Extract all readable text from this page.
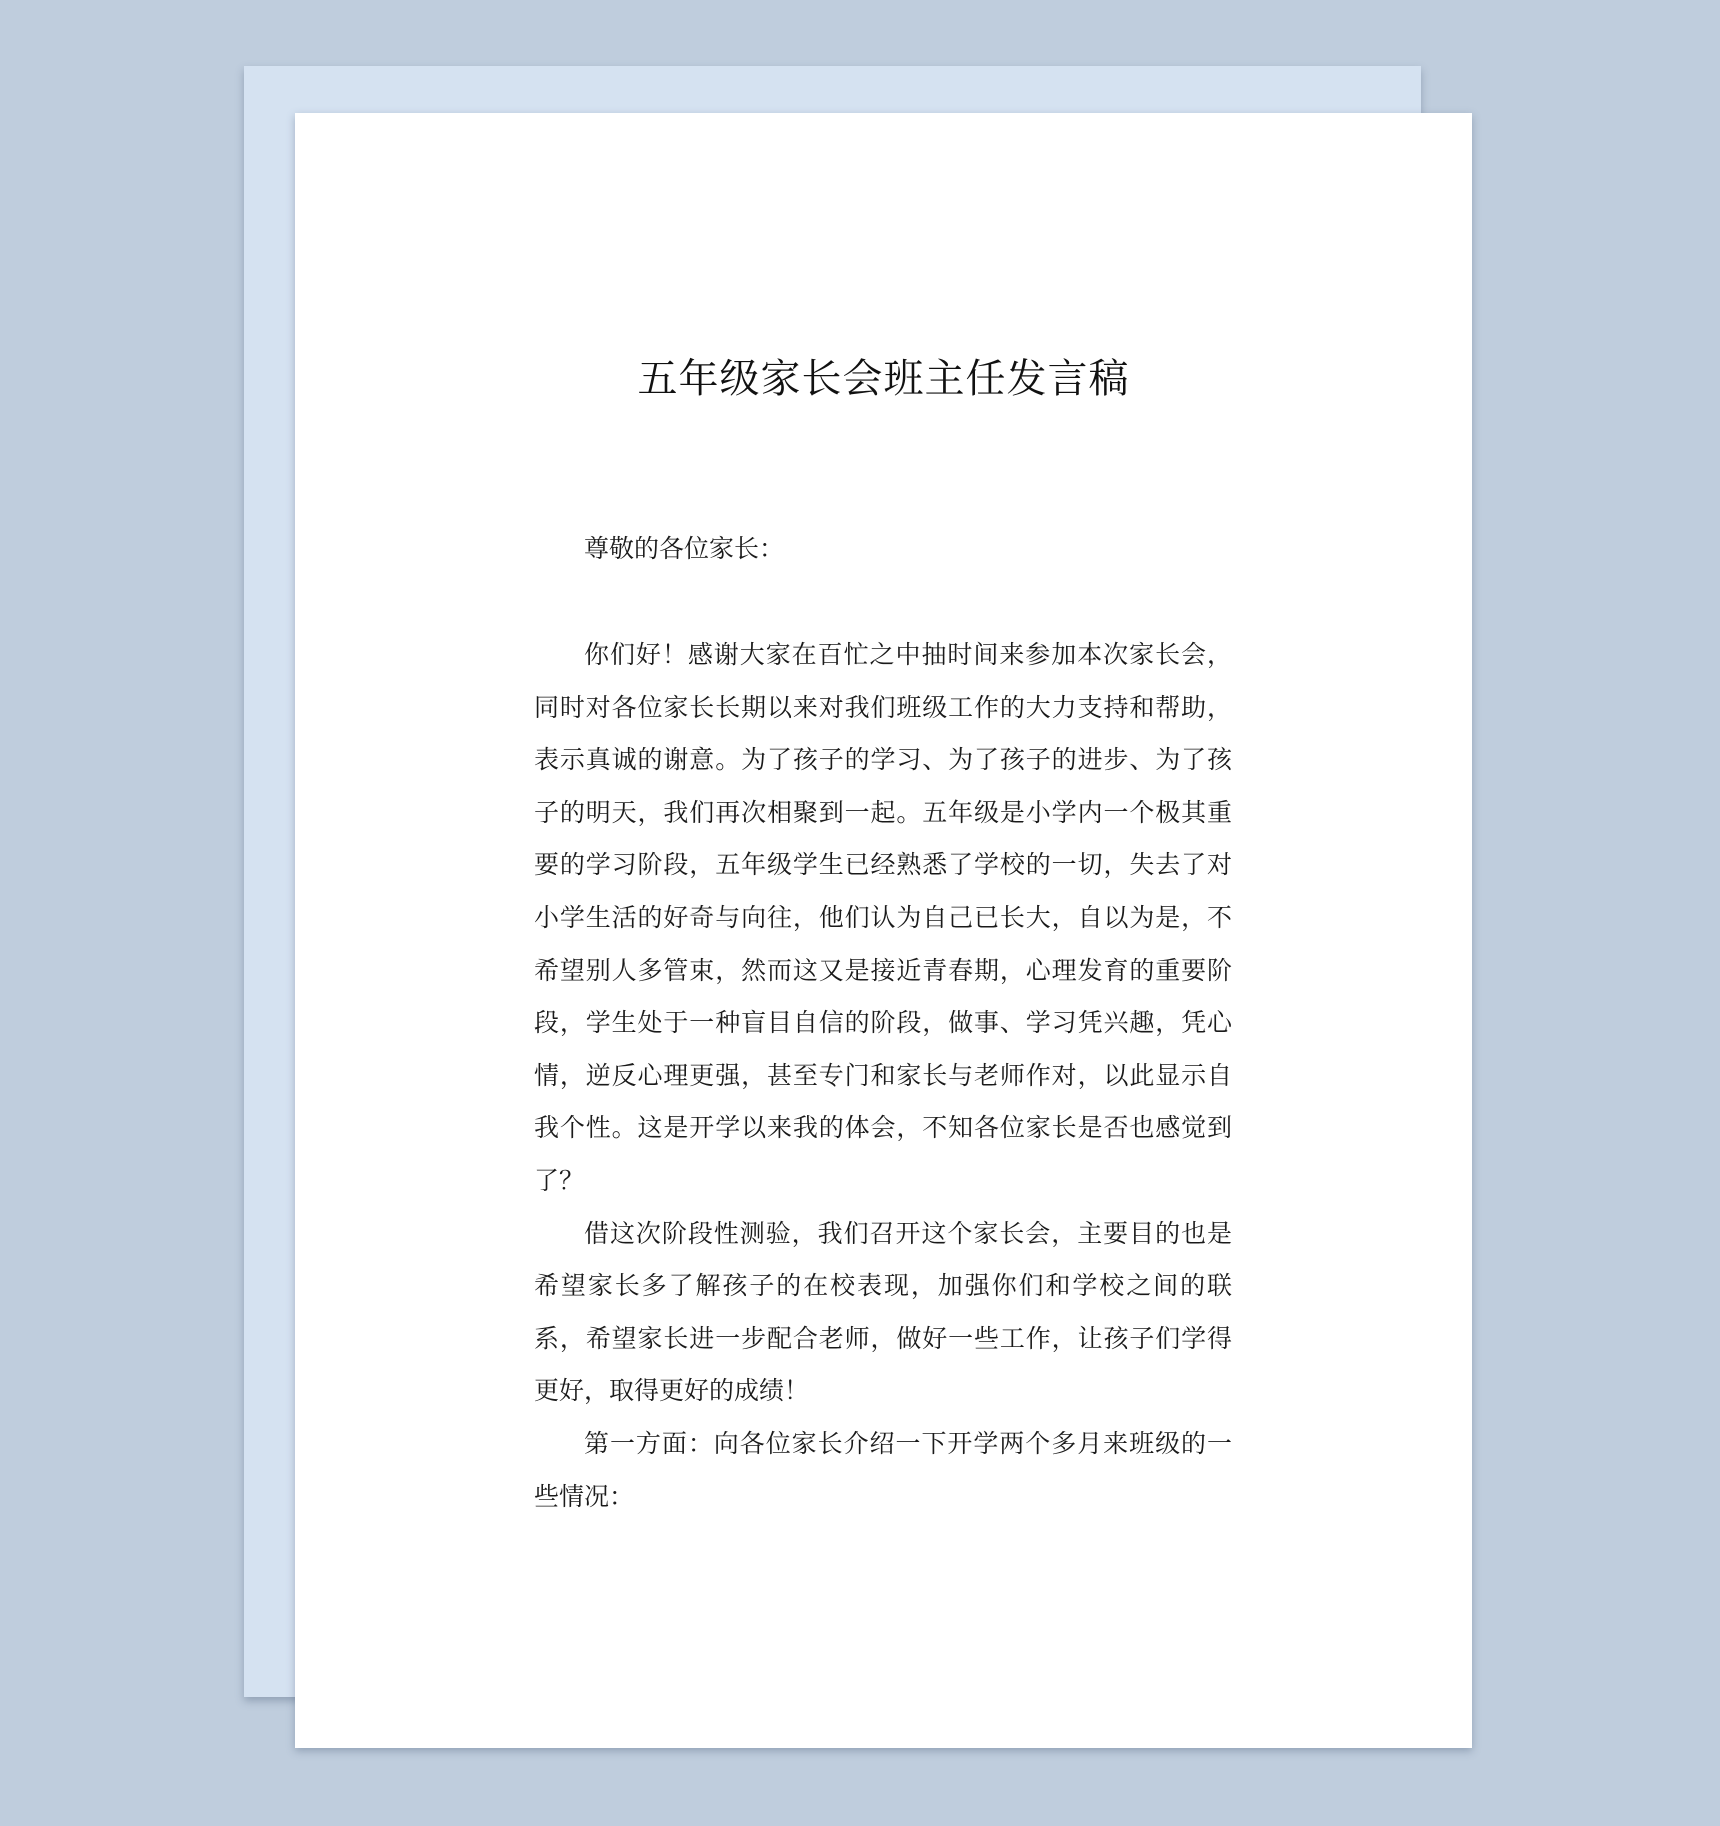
五年级家长会班主任发言稿

尊敬的各位家长：

你们好！感谢大家在百忙之中抽时间来参加本次家长会，同时对各位家长长期以来对我们班级工作的大力支持和帮助，表示真诚的谢意。为了孩子的学习、为了孩子的进步、为了孩子的明天，我们再次相聚到一起。五年级是小学内一个极其重要的学习阶段，五年级学生已经熟悉了学校的一切，失去了对小学生活的好奇与向往，他们认为自己已长大，自以为是，不希望别人多管束，然而这又是接近青春期，心理发育的重要阶段，学生处于一种盲目自信的阶段，做事、学习凭兴趣，凭心情，逆反心理更强，甚至专门和家长与老师作对，以此显示自我个性。这是开学以来我的体会，不知各位家长是否也感觉到了？

借这次阶段性测验，我们召开这个家长会，主要目的也是希望家长多了解孩子的在校表现，加强你们和学校之间的联系，希望家长进一步配合老师，做好一些工作，让孩子们学得更好，取得更好的成绩！

第一方面：向各位家长介绍一下开学两个多月来班级的一些情况：
